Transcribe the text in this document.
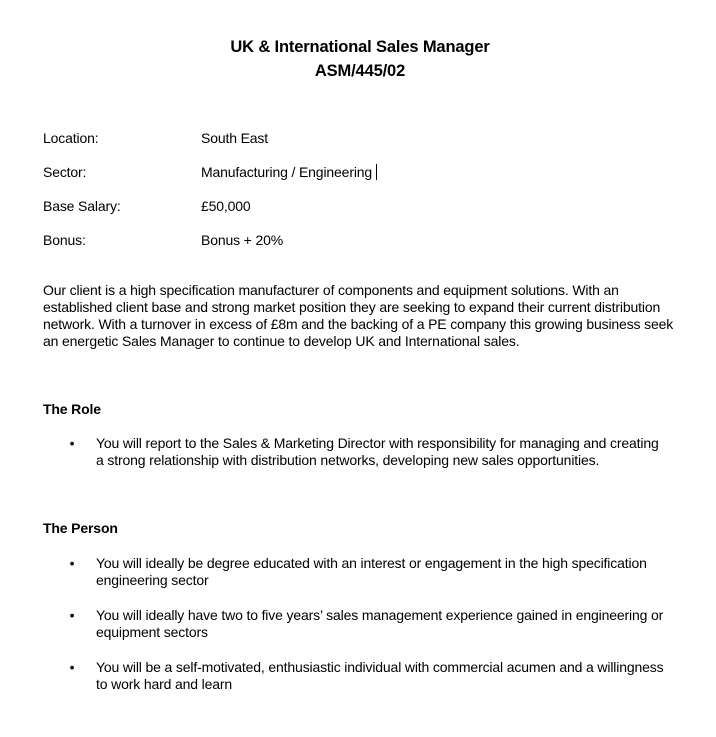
UK & International Sales Manager
ASM/445/02
Location:	South East
Sector:	Manufacturing / Engineering
Base Salary:	£50,000
Bonus:	Bonus + 20%
Our client is a high specification manufacturer of components and equipment solutions. With an established client base and strong market position they are seeking to expand their current distribution network. With a turnover in excess of £8m and the backing of a PE company this growing business seek an energetic Sales Manager to continue to develop UK and International sales.
The Role
• You will report to the Sales & Marketing Director with responsibility for managing and creating a strong relationship with distribution networks, developing new sales opportunities.
The Person
• You will ideally be degree educated with an interest or engagement in the high specification engineering sector
• You will ideally have two to five years’ sales management experience gained in engineering or equipment sectors
• You will be a self-motivated, enthusiastic individual with commercial acumen and a willingness to work hard and learn
